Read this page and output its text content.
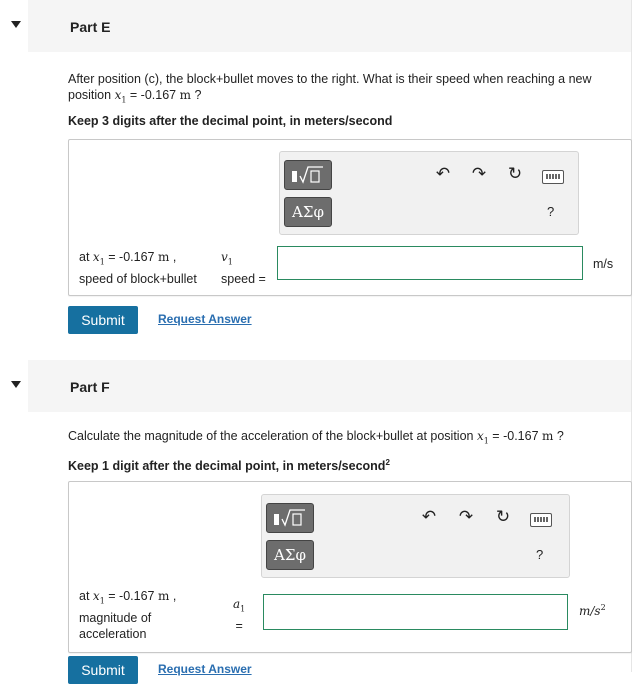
Part E
After position (c), the block+bullet moves to the right. What is their speed when reaching a new
position $x_1 = -0.167$ m ?
Keep 3 digits after the decimal point, in meters/second
ΑΣφ
↶ ↷ ↻
?
at $x_1 = -0.167$ m ,
speed of block+bullet
$v_1$
speed =
m/s
Submit	Request Answer
Part F
Calculate the magnitude of the acceleration of the block+bullet at position $x_1 = -0.167$ m ?
Keep 1 digit after the decimal point, in meters/second$^2$
ΑΣφ
↶ ↷ ↻
?
at $x_1 = -0.167$ m ,
magnitude of
acceleration
$a_1$
=
$m/s^2$
Submit	Request Answer
